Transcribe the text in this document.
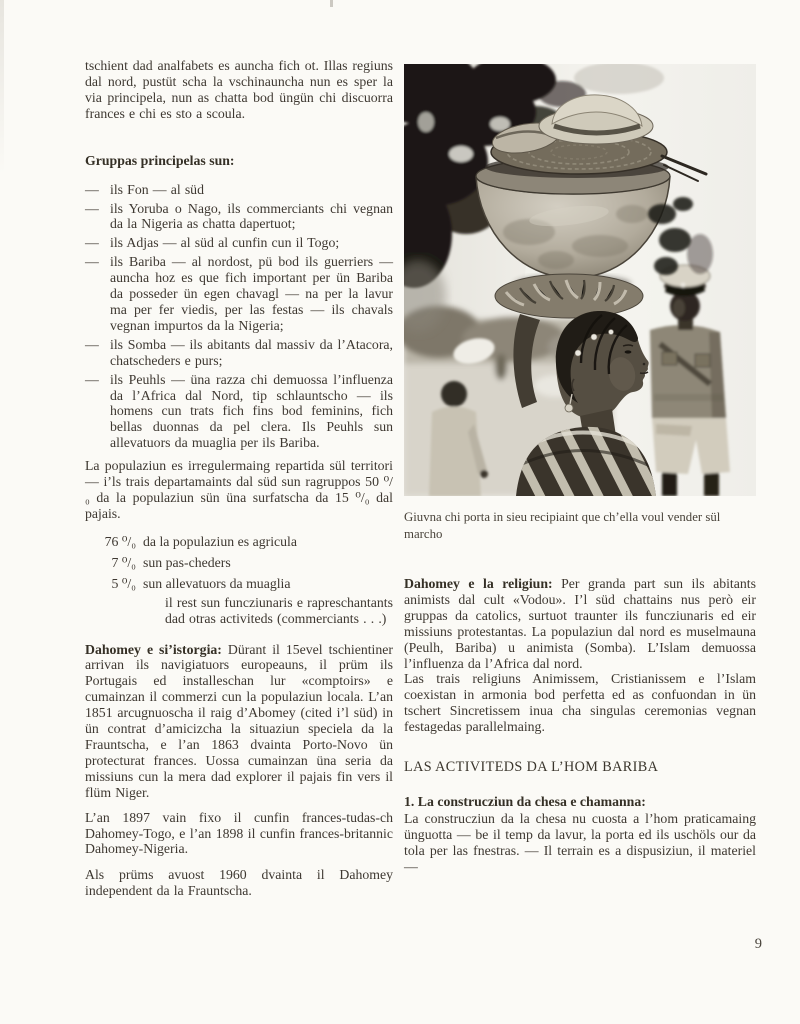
tschient dad analfabets es auncha fich ot. Illas regiuns dal nord, pustüt scha la vschinauncha nun es sper la via principela, nun as chatta bod üngün chi discuorra frances e chi es sto a scoula.

Gruppas principelas sun:
— ils Fon — al süd
— ils Yoruba o Nago, ils commerciants chi vegnan da la Nigeria as chatta dapertuot;
— ils Adjas — al süd al cunfin cun il Togo;
— ils Bariba — al nordost, pü bod ils guerriers — auncha hoz es que fich important per ün Bariba da posseder ün egen chavagl — na per la lavur ma per fer viedis, per las festas — ils chavals vegnan impurtos da la Nigeria;
— ils Somba — ils abitants dal massiv da l’Atacora, chatscheders e purs;
— ils Peuhls — üna razza chi demuossa l’influenza da l’Africa dal Nord, tip schlauntscho — ils homens cun trats fich fins bod feminins, fich bellas duonnas da pel clera. Ils Peuhls sun allevatuors da muaglia per ils Bariba.

La populaziun es irregulermaing repartida sül territori — i’ls trais departamaints dal süd sun ragruppos 50 ⁰/₀ da la populaziun sün üna surfatscha da 15 ⁰/₀ dal pajais.

76 ⁰/₀ da la populaziun es agricula
7 ⁰/₀ sun pas-cheders
5 ⁰/₀ sun allevatuors da muaglia

il rest sun funcziunaris e rapreschantants dad otras activiteds (commerciants . . .)

Dahomey e si’istorgia: Dürant il 15evel tschientiner arrivan ils navigiatuors europeauns, il prüm ils Portugais ed installeschan lur «comptoirs» e cumainzan il commerzi cun la populaziun locala. L’an 1851 arcugnuoscha il raig d’Abomey (cited i’l süd) in ün contrat d’amicizcha la situaziun speciela da la Frauntscha, e l’an 1863 dvainta Porto-Novo ün protecturat frances. Uossa cumainzan üna seria da missiuns cun la mera dad explorer il pajais fin vers il flüm Niger.

L’an 1897 vain fixo il cunfin frances-tudas-ch Dahomey-Togo, e l’an 1898 il cunfin frances-britannic Dahomey-Nigeria.

Als prüms avuost 1960 dvainta il Dahomey independent da la Frauntscha.

Giuvna chi porta in sieu recipiaint que ch’ella voul vender sül marcho

Dahomey e la religiun: Per granda part sun ils abitants animists dal cult «Vodou». I’l süd chattains nus però eir gruppas da catolics, surtuot traunter ils funcziunaris ed eir missiuns protestantas. La populaziun dal nord es muselmauna (Peulh, Bariba) u animista (Somba). L’Islam demuossa l’influenza da l’Africa dal nord.

Las trais religiuns Animissem, Cristianissem e l’Islam coexistan in armonia bod perfetta ed as confuondan in ün tschert Sincretissem inua cha singulas ceremonias vegnan festagedas parallelmaing.

LAS ACTIVITEDS DA L’HOM BARIBA

1. La construcziun da chesa e chamanna:

La construcziun da la chesa nu cuosta a l’hom praticamaing ünguotta — be il temp da lavur, la porta ed ils uschöls our da tola per las fnestras. — Il terrain es a dispusiziun, il materiel —

9
